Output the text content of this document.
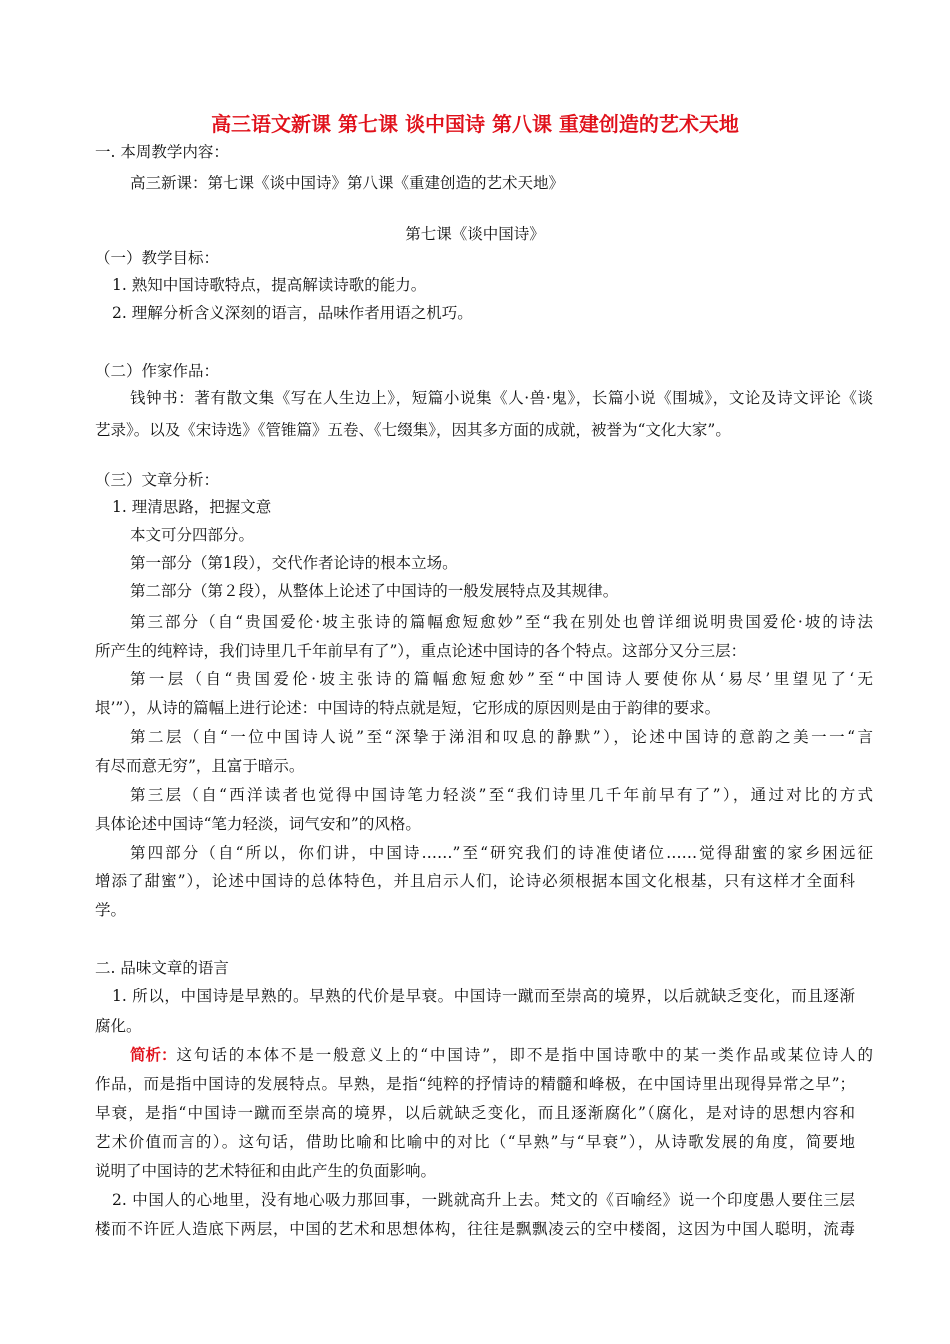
高三语文新课 第七课 谈中国诗 第八课 重建创造的艺术天地
一. 本周教学内容：
高三新课：第七课《谈中国诗》第八课《重建创造的艺术天地》
第七课《谈中国诗》
（一）教学目标：
1. 熟知中国诗歌特点，提高解读诗歌的能力。
2. 理解分析含义深刻的语言，品味作者用语之机巧。
（二）作家作品：
钱钟书：著有散文集《写在人生边上》，短篇小说集《人·兽·鬼》，长篇小说《围城》，文论及诗文评论《谈
艺录》。以及《宋诗选》《管锥篇》五卷、《七缀集》，因其多方面的成就，被誉为“文化大家”。
（三）文章分析：
1. 理清思路，把握文意
本文可分四部分。
第一部分（第1段），交代作者论诗的根本立场。
第二部分（第２段），从整体上论述了中国诗的一般发展特点及其规律。
第三部分（自“贵国爱伦·坡主张诗的篇幅愈短愈妙”至“我在别处也曾详细说明贵国爱伦·坡的诗法
所产生的纯粹诗，我们诗里几千年前早有了”），重点论述中国诗的各个特点。这部分又分三层：
第一层（自“贵国爱伦·坡主张诗的篇幅愈短愈妙”至“中国诗人要使你从‘易尽’里望见了‘无
垠’”），从诗的篇幅上进行论述：中国诗的特点就是短，它形成的原因则是由于韵律的要求。
第二层（自“一位中国诗人说”至“深挚于涕泪和叹息的静默”），论述中国诗的意韵之美一一“言
有尽而意无穷”，且富于暗示。
第三层（自“西洋读者也觉得中国诗笔力轻淡”至“我们诗里几千年前早有了”），通过对比的方式
具体论述中国诗“笔力轻淡，词气安和”的风格。
第四部分（自“所以，你们讲，中国诗……”至“研究我们的诗准使诸位……觉得甜蜜的家乡困远征
增添了甜蜜”），论述中国诗的总体特色，并且启示人们，论诗必须根据本国文化根基，只有这样才全面科
学。
二. 品味文章的语言
1. 所以，中国诗是早熟的。早熟的代价是早衰。中国诗一蹴而至崇高的境界，以后就缺乏变化，而且逐渐
腐化。
简析： 这句话的本体不是一般意义上的“中国诗”，即不是指中国诗歌中的某一类作品或某位诗人的
作品，而是指中国诗的发展特点。早熟，是指“纯粹的抒情诗的精髓和峰极，在中国诗里出现得异常之早”；
早衰，是指“中国诗一蹴而至崇高的境界，以后就缺乏变化，而且逐渐腐化”（腐化，是对诗的思想内容和
艺术价值而言的）。这句话，借助比喻和比喻中的对比（“早熟”与“早衰”），从诗歌发展的角度，简要地
说明了中国诗的艺术特征和由此产生的负面影响。
2. 中国人的心地里，没有地心吸力那回事，一跳就高升上去。梵文的《百喻经》说一个印度愚人要住三层
楼而不许匠人造底下两层，中国的艺术和思想体构，往往是飘飘凌云的空中楼阁，这因为中国人聪明，流毒
